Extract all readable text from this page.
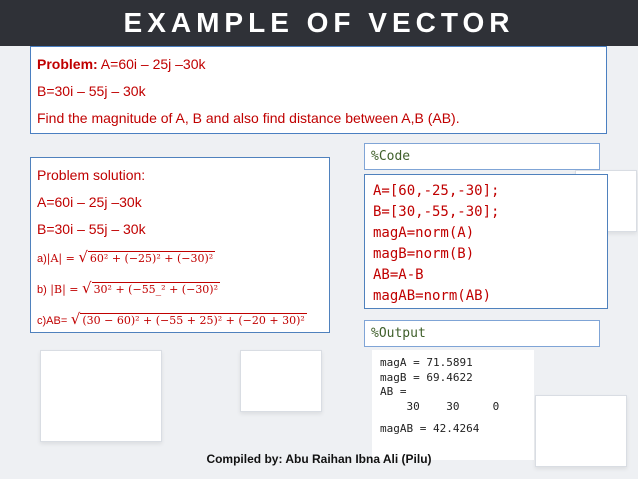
EXAMPLE OF VECTOR
Problem: A=60i – 25j –30k
B=30i – 55j – 30k
Find the magnitude of A, B and also find distance between A,B (AB).
Problem solution:
A=60i – 25j –30k
B=30i – 55j – 30k
a)|A| = √ 60² + (−25)² + (−30)²
b) |B| = √ 30² + (−55_² + (−30)²
c)AB= √ (30 − 60)² + (−55 + 25)² + (−20 + 30)²
%Code
A=[60,-25,-30];
B=[30,-55,-30];
magA=norm(A)
magB=norm(B)
AB=A-B
magAB=norm(AB)
%Output
magA = 71.5891
magB = 69.4622
AB =
30    30     0
magAB = 42.4264
Compiled by: Abu Raihan Ibna Ali (Pilu)
